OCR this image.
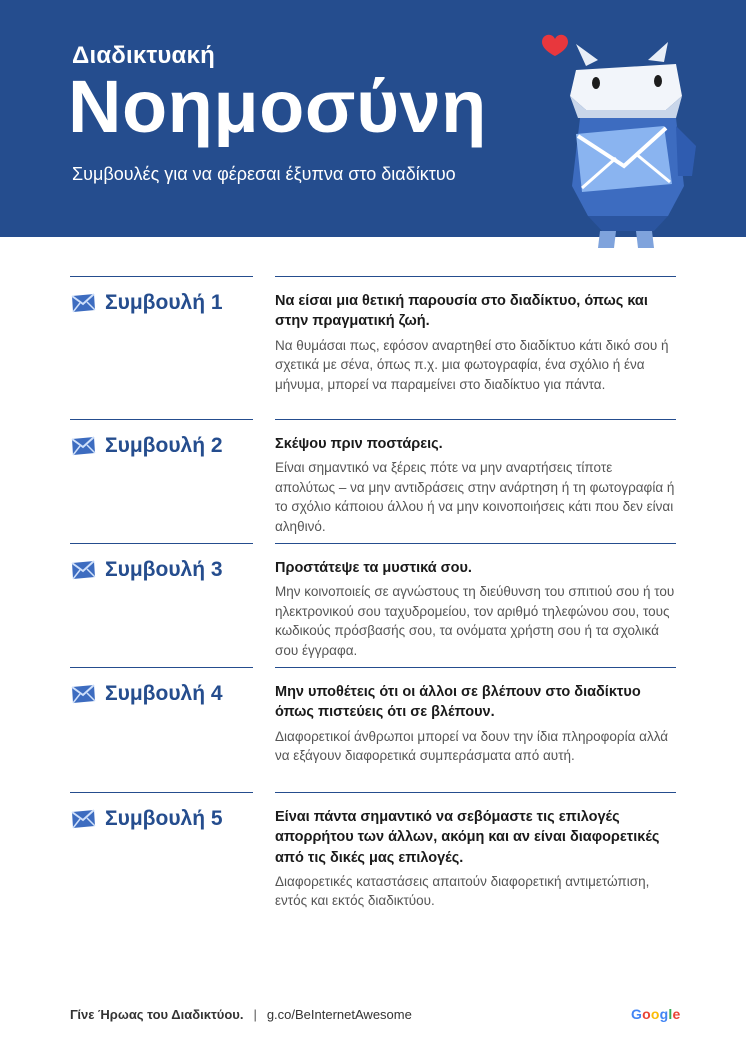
Διαδικτυακή
Νοημοσύνη
Συμβουλές για να φέρεσαι έξυπνα στο διαδίκτυο
Συμβουλή 1	Να είσαι μια θετική παρουσία στο διαδίκτυο, όπως και στην πραγματική ζωή.
Να θυμάσαι πως, εφόσον αναρτηθεί στο διαδίκτυο κάτι δικό σου ή σχετικά με σένα, όπως π.χ. μια φωτογραφία, ένα σχόλιο ή ένα μήνυμα, μπορεί να παραμείνει στο διαδίκτυο για πάντα.
Συμβουλή 2	Σκέψου πριν ποστάρεις.
Είναι σημαντικό να ξέρεις πότε να μην αναρτήσεις τίποτε απολύτως – να μην αντιδράσεις στην ανάρτηση ή τη φωτογραφία ή το σχόλιο κάποιου άλλου ή να μην κοινοποιήσεις κάτι που δεν είναι αληθινό.
Συμβουλή 3	Προστάτεψε τα μυστικά σου.
Μην κοινοποιείς σε αγνώστους τη διεύθυνση του σπιτιού σου ή του ηλεκτρονικού σου ταχυδρομείου, τον αριθμό τηλεφώνου σου, τους κωδικούς πρόσβασής σου, τα ονόματα χρήστη σου ή τα σχολικά σου έγγραφα.
Συμβουλή 4	Μην υποθέτεις ότι οι άλλοι σε βλέπουν στο διαδίκτυο όπως πιστεύεις ότι σε βλέπουν.
Διαφορετικοί άνθρωποι μπορεί να δουν την ίδια πληροφορία αλλά να εξάγουν διαφορετικά συμπεράσματα από αυτή.
Συμβουλή 5	Είναι πάντα σημαντικό να σεβόμαστε τις επιλογές απορρήτου των άλλων, ακόμη και αν είναι διαφορετικές από τις δικές μας επιλογές.
Διαφορετικές καταστάσεις απαιτούν διαφορετική αντιμετώπιση, εντός και εκτός διαδικτύου.
Γίνε Ήρωας του Διαδικτύου. | g.co/BeInternetAwesome	Google
